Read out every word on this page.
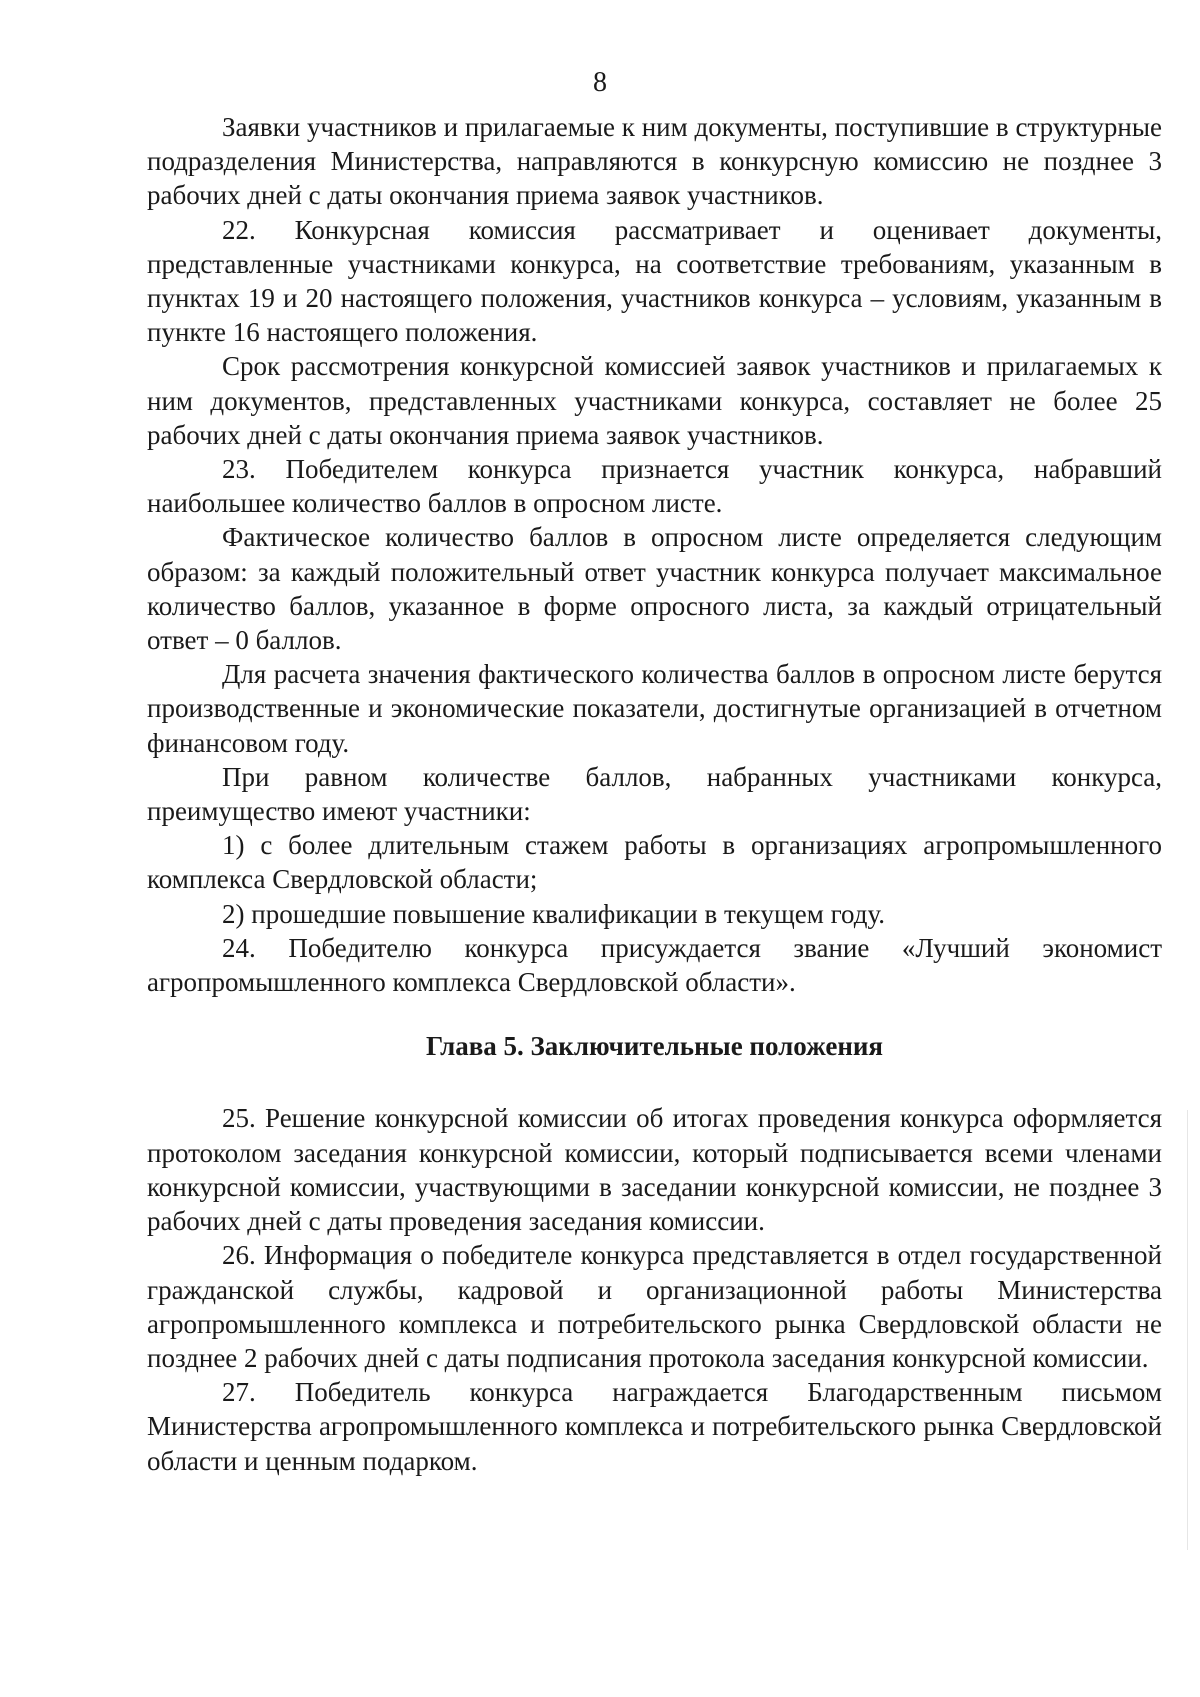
8

Заявки участников и прилагаемые к ним документы, поступившие в структурные подразделения Министерства, направляются в конкурсную комиссию не позднее 3 рабочих дней с даты окончания приема заявок участников.

22. Конкурсная комиссия рассматривает и оценивает документы, представленные участниками конкурса, на соответствие требованиям, указанным в пунктах 19 и 20 настоящего положения, участников конкурса – условиям, указанным в пункте 16 настоящего положения.

Срок рассмотрения конкурсной комиссией заявок участников и прилагаемых к ним документов, представленных участниками конкурса, составляет не более 25 рабочих дней с даты окончания приема заявок участников.

23. Победителем конкурса признается участник конкурса, набравший наибольшее количество баллов в опросном листе.

Фактическое количество баллов в опросном листе определяется следующим образом: за каждый положительный ответ участник конкурса получает максимальное количество баллов, указанное в форме опросного листа, за каждый отрицательный ответ – 0 баллов.

Для расчета значения фактического количества баллов в опросном листе берутся производственные и экономические показатели, достигнутые организацией в отчетном финансовом году.

При равном количестве баллов, набранных участниками конкурса, преимущество имеют участники:

1) с более длительным стажем работы в организациях агропромышленного комплекса Свердловской области;

2) прошедшие повышение квалификации в текущем году.

24. Победителю конкурса присуждается звание «Лучший экономист агропромышленного комплекса Свердловской области».

Глава 5. Заключительные положения

25. Решение конкурсной комиссии об итогах проведения конкурса оформляется протоколом заседания конкурсной комиссии, который подписывается всеми членами конкурсной комиссии, участвующими в заседании конкурсной комиссии, не позднее 3 рабочих дней с даты проведения заседания комиссии.

26. Информация о победителе конкурса представляется в отдел государственной гражданской службы, кадровой и организационной работы Министерства агропромышленного комплекса и потребительского рынка Свердловской области не позднее 2 рабочих дней с даты подписания протокола заседания конкурсной комиссии.

27. Победитель конкурса награждается Благодарственным письмом Министерства агропромышленного комплекса и потребительского рынка Свердловской области и ценным подарком.
